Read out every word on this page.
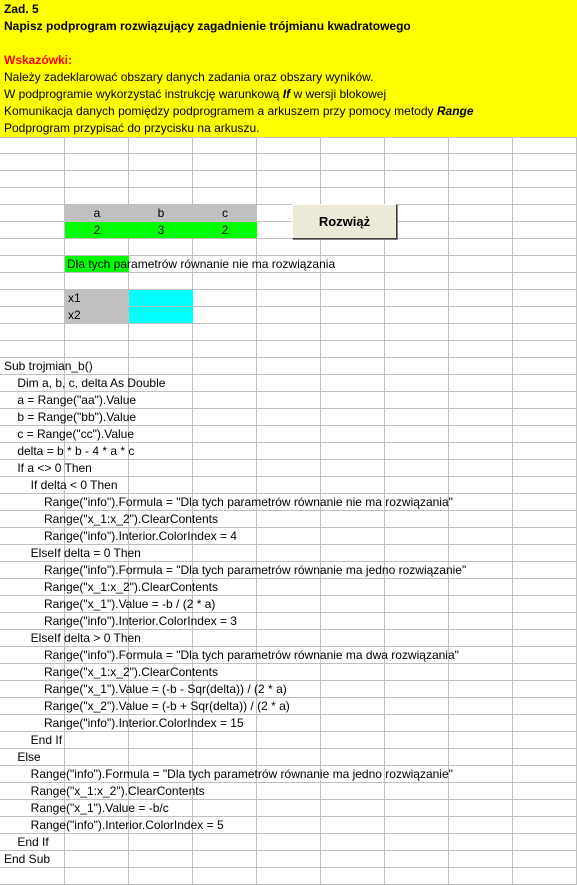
Zad. 5
Napisz podprogram rozwiązujący zagadnienie trójmianu kwadratowego
Wskazówki:
Należy zadeklarować obszary danych zadania oraz obszary wyników.
W podprogramie wykorzystać instrukcję warunkową If w wersji blokowej
Komunikacja danych pomiędzy podprogramem a arkuszem przy pomocy metody Range
Podprogram przypisać do przycisku na arkuszu.
a	b	c
2	3	2
Rozwiąż
Dla tych parametrów równanie nie ma rozwiązania
x1
x2
Sub trojmian_b()
Dim a, b, c, delta As Double
a = Range("aa").Value
b = Range("bb").Value
c = Range("cc").Value
delta = b * b - 4 * a * c
If a <> 0 Then
If delta < 0 Then
Range("info").Formula = "Dla tych parametrów równanie nie ma rozwiązania"
Range("x_1:x_2").ClearContents
Range("info").Interior.ColorIndex = 4
ElseIf delta = 0 Then
Range("info").Formula = "Dla tych parametrów równanie ma jedno rozwiązanie"
Range("x_1:x_2").ClearContents
Range("x_1").Value = -b / (2 * a)
Range("info").Interior.ColorIndex = 3
ElseIf delta > 0 Then
Range("info").Formula = "Dla tych parametrów równanie ma dwa rozwiązania"
Range("x_1:x_2").ClearContents
Range("x_1").Value = (-b - Sqr(delta)) / (2 * a)
Range("x_2").Value = (-b + Sqr(delta)) / (2 * a)
Range("info").Interior.ColorIndex = 15
End If
Else
Range("info").Formula = "Dla tych parametrów równanie ma jedno rozwiązanie"
Range("x_1:x_2").ClearContents
Range("x_1").Value = -b/c
Range("info").Interior.ColorIndex = 5
End If
End Sub
